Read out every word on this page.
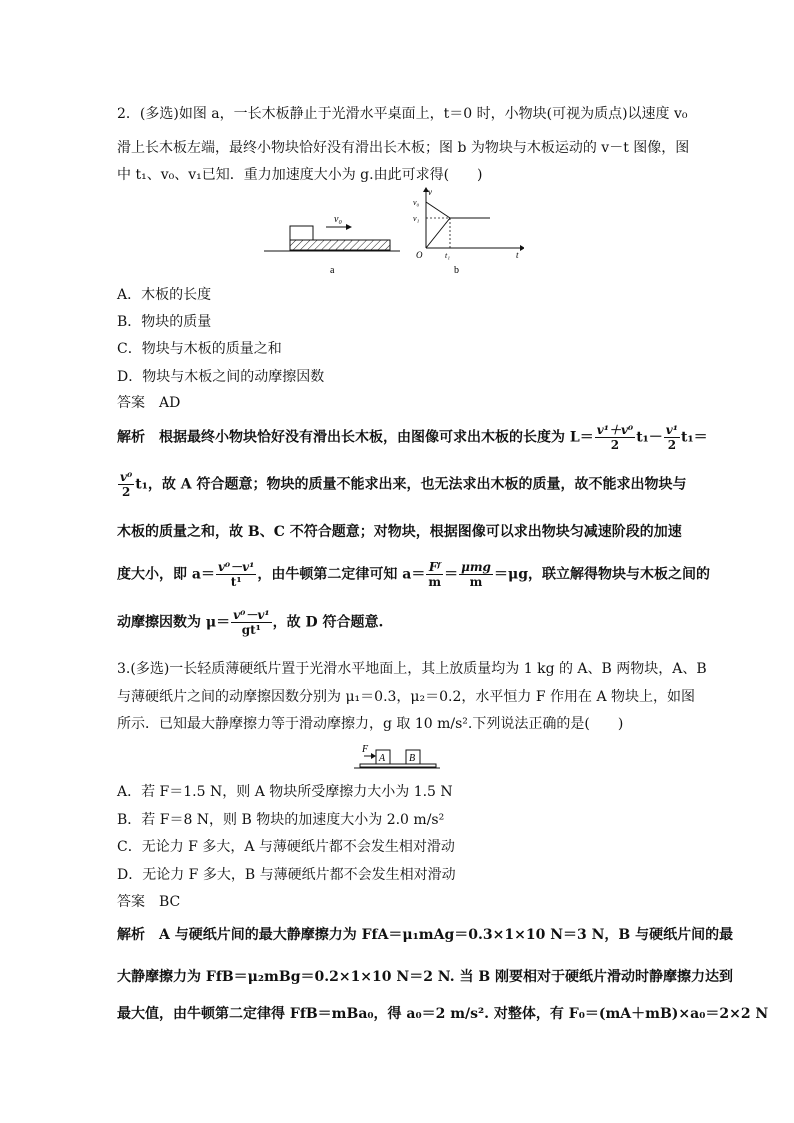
2．(多选)如图 a，一长木板静止于光滑水平桌面上，t＝0 时，小物块(可视为质点)以速度 v₀
滑上长木板左端，最终小物块恰好没有滑出长木板；图 b 为物块与木板运动的 v－t 图像，图
中 t₁、v₀、v₁已知．重力加速度大小为 g.由此可求得(　　)
v₀
a
v
t
O
v₀
v₁
t₁
b
A．木板的长度
B．物块的质量
C．物块与木板的质量之和
D．物块与木板之间的动摩擦因数
答案　AD
解析　根据最终小物块恰好没有滑出长木板，由图像可求出木板的长度为 $L= \frac{\text{v¹＋v⁰}}{2} t_1- \frac{\text{v¹}}{2} t_1=$
$\frac{\text{v⁰}}{2} t_1$，故 A 符合题意；物块的质量不能求出来，也无法求出木板的质量，故不能求出物块与
木板的质量之和，故 B、C 不符合题意；对物块，根据图像可以求出物块匀减速阶段的加速
度大小，即 $a= \frac{\text{v⁰－v¹}}{\text{t¹}}$ ，由牛顿第二定律可知 $a= \frac{\text{Fᶠ}}{m} = \frac{\text{μmg}}{m} =\mu g$，联立解得物块与木板之间的
动摩擦因数为 $\mu= \frac{\text{v⁰－v¹}}{\text{gt¹}}$ ，故 D 符合题意.
3.(多选)一长轻质薄硬纸片置于光滑水平地面上，其上放质量均为 1 kg 的 A、B 两物块，A、B
与薄硬纸片之间的动摩擦因数分别为 μ₁＝0.3，μ₂＝0.2，水平恒力 F 作用在 A 物块上，如图
所示．已知最大静摩擦力等于滑动摩擦力，g 取 10 m/s².下列说法正确的是(　　)
F
A B
A．若 F＝1.5 N，则 A 物块所受摩擦力大小为 1.5 N
B．若 F＝8 N，则 B 物块的加速度大小为 2.0 m/s²
C．无论力 F 多大，A 与薄硬纸片都不会发生相对滑动
D．无论力 F 多大，B 与薄硬纸片都不会发生相对滑动
答案　BC
解析　A 与硬纸片间的最大静摩擦力为 FfA＝μ₁mAg＝0.3×1×10 N＝3 N，B 与硬纸片间的最
大静摩擦力为 FfB＝μ₂mBg＝0.2×1×10 N＝2 N. 当 B 刚要相对于硬纸片滑动时静摩擦力达到
最大值，由牛顿第二定律得 FfB＝mBa₀，得 a₀＝2 m/s². 对整体，有 F₀＝(mA＋mB)×a₀＝2×2 N
